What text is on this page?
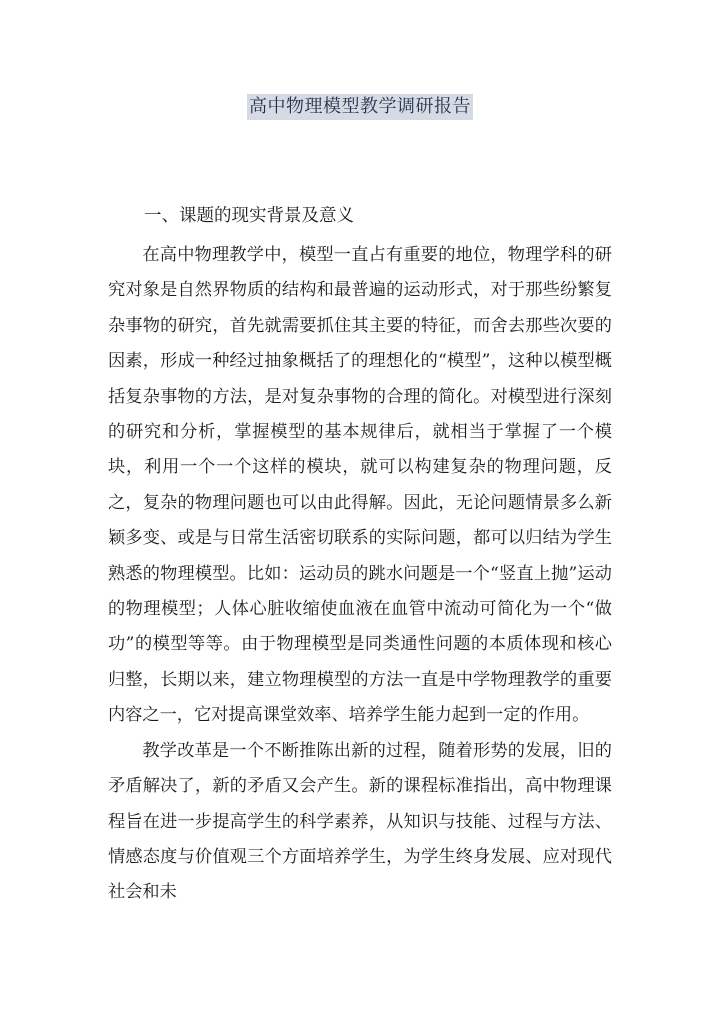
高中物理模型教学调研报告
一、课题的现实背景及意义

在高中物理教学中，模型一直占有重要的地位，物理学科的研究对象是自然界物质的结构和最普遍的运动形式，对于那些纷繁复杂事物的研究，首先就需要抓住其主要的特征，而舍去那些次要的因素，形成一种经过抽象概括了的理想化的“模型”，这种以模型概括复杂事物的方法，是对复杂事物的合理的简化。对模型进行深刻的研究和分析，掌握模型的基本规律后，就相当于掌握了一个模块，利用一个一个这样的模块，就可以构建复杂的物理问题，反之，复杂的物理问题也可以由此得解。因此，无论问题情景多么新颖多变、或是与日常生活密切联系的实际问题，都可以归结为学生熟悉的物理模型。比如：运动员的跳水问题是一个“竖直上抛”运动的物理模型；人体心脏收缩使血液在血管中流动可简化为一个“做功”的模型等等。由于物理模型是同类通性问题的本质体现和核心归整，长期以来，建立物理模型的方法一直是中学物理教学的重要内容之一，它对提高课堂效率、培养学生能力起到一定的作用。

教学改革是一个不断推陈出新的过程，随着形势的发展，旧的矛盾解决了，新的矛盾又会产生。新的课程标准指出，高中物理课程旨在进一步提高学生的科学素养，从知识与技能、过程与方法、情感态度与价值观三个方面培养学生，为学生终身发展、应对现代社会和未
